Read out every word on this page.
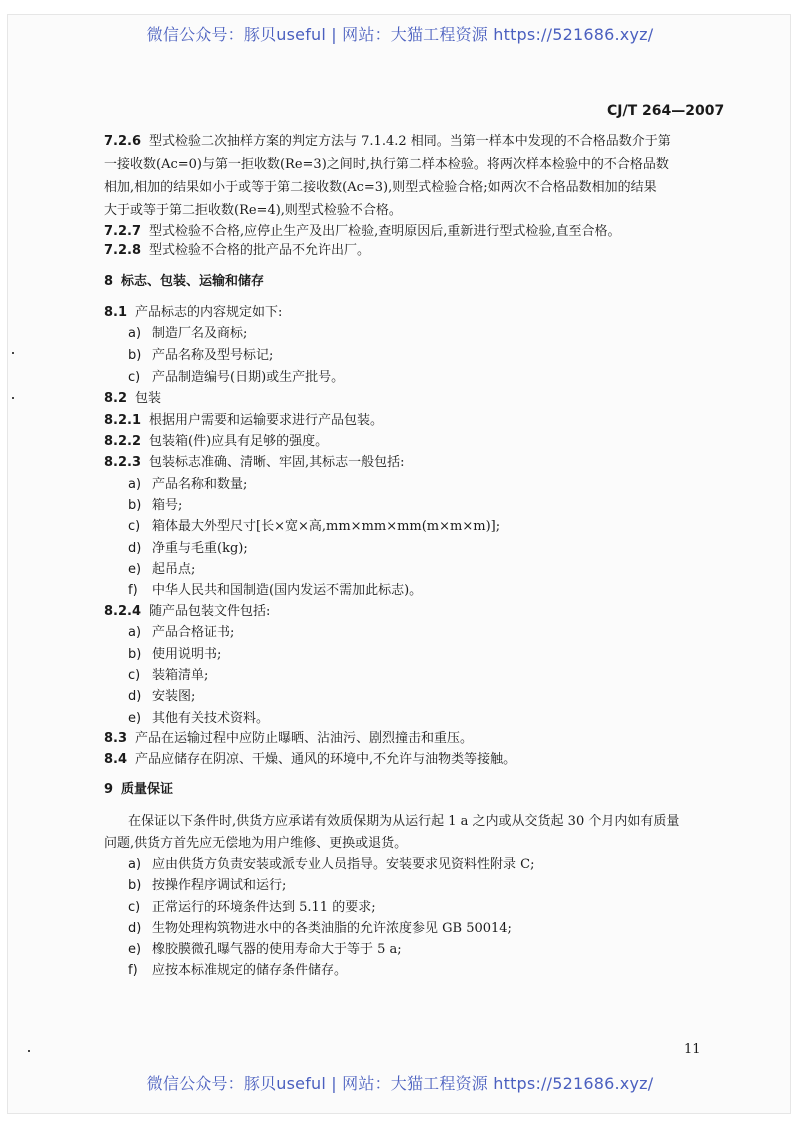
微信公众号：豚贝useful | 网站：大猫工程资源 https://521686.xyz/
CJ/T 264—2007
7.2.6 型式检验二次抽样方案的判定方法与 7.1.4.2 相同。当第一样本中发现的不合格品数介于第
一接收数(Ac=0)与第一拒收数(Re=3)之间时,执行第二样本检验。将两次样本检验中的不合格品数
相加,相加的结果如小于或等于第二接收数(Ac=3),则型式检验合格;如两次不合格品数相加的结果
大于或等于第二拒收数(Re=4),则型式检验不合格。
7.2.7 型式检验不合格,应停止生产及出厂检验,查明原因后,重新进行型式检验,直至合格。
7.2.8 型式检验不合格的批产品不允许出厂。
8 标志、包装、运输和储存
8.1 产品标志的内容规定如下:
a) 制造厂名及商标;
b) 产品名称及型号标记;
c) 产品制造编号(日期)或生产批号。
8.2 包装
8.2.1 根据用户需要和运输要求进行产品包装。
8.2.2 包装箱(件)应具有足够的强度。
8.2.3 包装标志准确、清晰、牢固,其标志一般包括:
a) 产品名称和数量;
b) 箱号;
c) 箱体最大外型尺寸[长×宽×高,mm×mm×mm(m×m×m)];
d) 净重与毛重(kg);
e) 起吊点;
f) 中华人民共和国制造(国内发运不需加此标志)。
8.2.4 随产品包装文件包括:
a) 产品合格证书;
b) 使用说明书;
c) 装箱清单;
d) 安装图;
e) 其他有关技术资料。
8.3 产品在运输过程中应防止曝晒、沾油污、剧烈撞击和重压。
8.4 产品应储存在阴凉、干燥、通风的环境中,不允许与油物类等接触。
9 质量保证
在保证以下条件时,供货方应承诺有效质保期为从运行起 1 a 之内或从交货起 30 个月内如有质量
问题,供货方首先应无偿地为用户维修、更换或退货。
a) 应由供货方负责安装或派专业人员指导。安装要求见资料性附录 C;
b) 按操作程序调试和运行;
c) 正常运行的环境条件达到 5.11 的要求;
d) 生物处理构筑物进水中的各类油脂的允许浓度参见 GB 50014;
e) 橡胶膜微孔曝气器的使用寿命大于等于 5 a;
f) 应按本标准规定的储存条件储存。
11
微信公众号：豚贝useful | 网站：大猫工程资源 https://521686.xyz/
